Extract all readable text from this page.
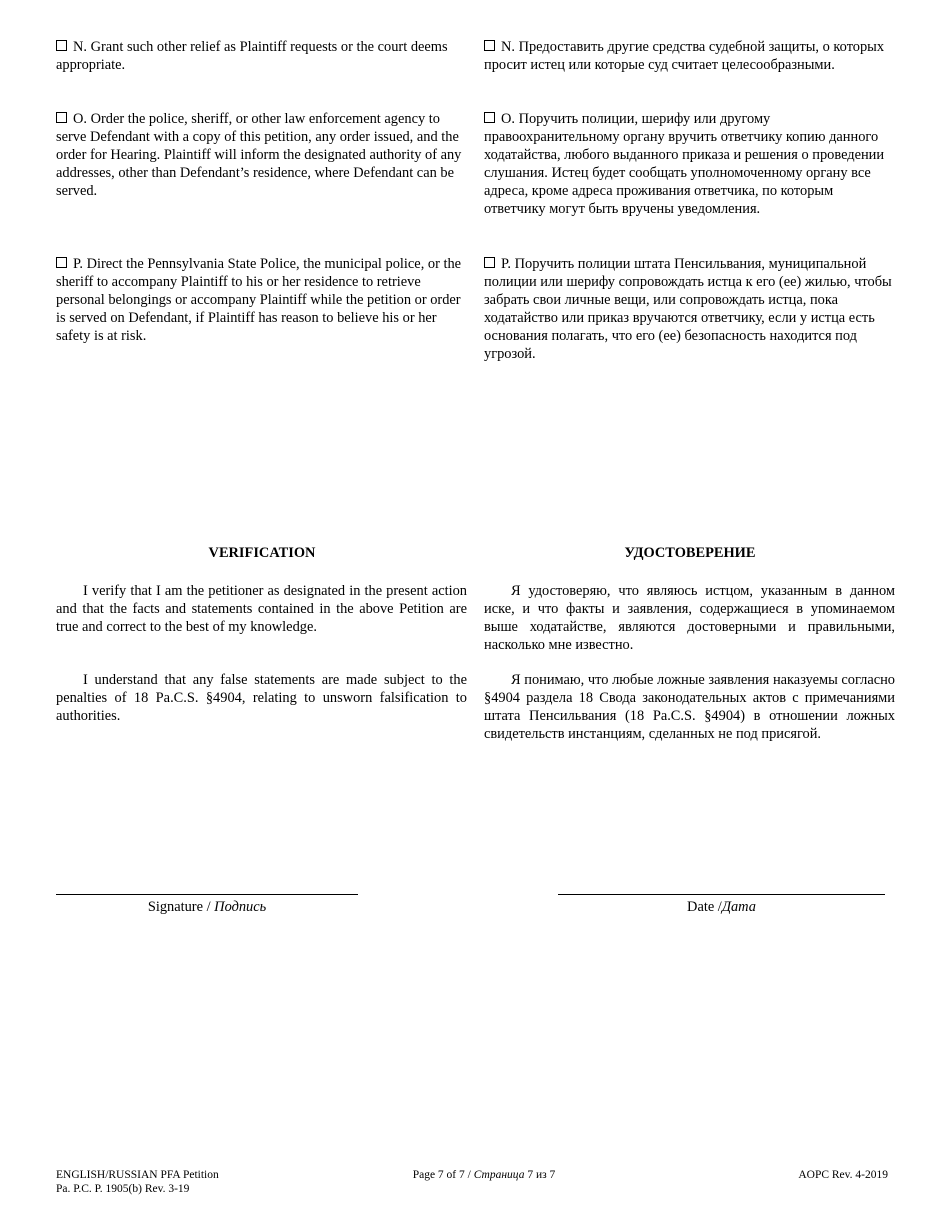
N. Grant such other relief as Plaintiff requests or the court deems appropriate.
N. Предоставить другие средства судебной защиты, о которых просит истец или которые суд считает целесообразными.
O. Order the police, sheriff, or other law enforcement agency to serve Defendant with a copy of this petition, any order issued, and the order for Hearing. Plaintiff will inform the designated authority of any addresses, other than Defendant’s residence, where Defendant can be served.
O. Поручить полиции, шерифу или другому правоохранительному органу вручить ответчику копию данного ходатайства, любого выданного приказа и решения о проведении слушания. Истец будет сообщать уполномоченному органу все адреса, кроме адреса проживания ответчика, по которым ответчику могут быть вручены уведомления.
P. Direct the Pennsylvania State Police, the municipal police, or the sheriff to accompany Plaintiff to his or her residence to retrieve personal belongings or accompany Plaintiff while the petition or order is served on Defendant, if Plaintiff has reason to believe his or her safety is at risk.
P. Поручить полиции штата Пенсильвания, муниципальной полиции или шерифу сопровождать истца к его (ее) жилью, чтобы забрать свои личные вещи, или сопровождать истца, пока ходатайство или приказ вручаются ответчику, если у истца есть основания полагать, что его (ее) безопасность находится под угрозой.
VERIFICATION	УДОСТОВЕРЕНИЕ
I verify that I am the petitioner as designated in the present action and that the facts and statements contained in the above Petition are true and correct to the best of my knowledge.
Я удостоверяю, что являюсь истцом, указанным в данном иске, и что факты и заявления, содержащиеся в упоминаемом выше ходатайстве, являются достоверными и правильными, насколько мне известно.
I understand that any false statements are made subject to the penalties of 18 Pa.C.S. §4904, relating to unsworn falsification to authorities.
Я понимаю, что любые ложные заявления наказуемы согласно §4904 раздела 18 Свода законодательных актов с примечаниями штата Пенсильвания (18 Pa.C.S. §4904) в отношении ложных свидетельств инстанциям, сделанных не под присягой.
Signature / Подпись	Date /Дата
ENGLISH/RUSSIAN PFA Petition
Pa. P.C. P. 1905(b) Rev. 3-19
Page 7 of 7 / Страница 7 из 7	AOPC Rev. 4-2019
